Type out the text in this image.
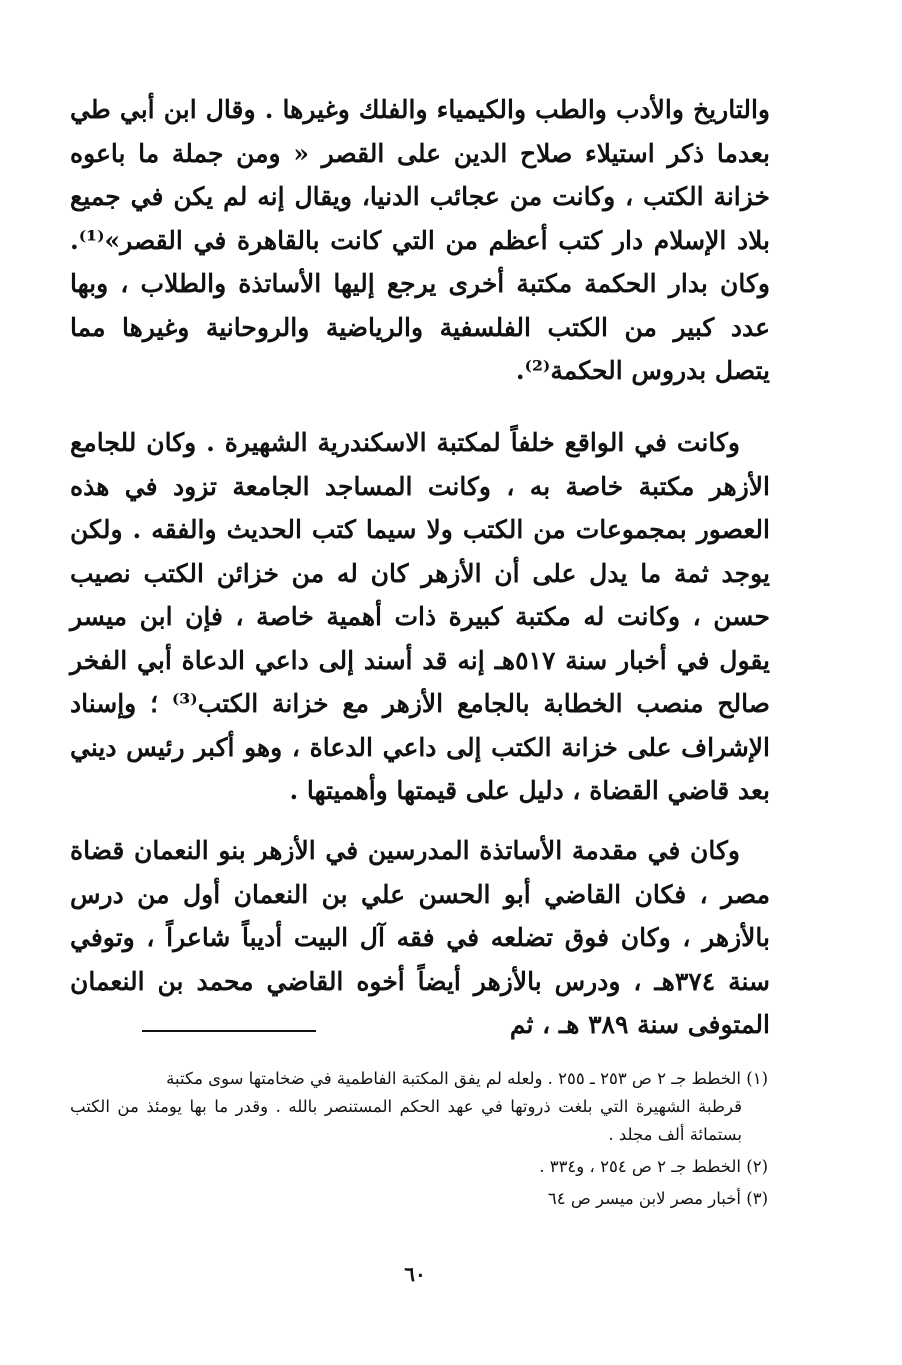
والتاريخ والأدب والطب والكيمياء والفلك وغيرها . وقال ابن أبي طي بعدما ذكر استيلاء صلاح الدين على القصر « ومن جملة ما باعوه خزانة الكتب ، وكانت من عجائب الدنيا، ويقال إنه لم يكن في جميع بلاد الإسلام دار كتب أعظم من التي كانت بالقاهرة في القصر»⁽¹⁾. وكان بدار الحكمة مكتبة أخرى يرجع إليها الأساتذة والطلاب ، وبها عدد كبير من الكتب الفلسفية والرياضية والروحانية وغيرها مما يتصل بدروس الحكمة⁽²⁾.

وكانت في الواقع خلفاً لمكتبة الاسكندرية الشهيرة . وكان للجامع الأزهر مكتبة خاصة به ، وكانت المساجد الجامعة تزود في هذه العصور بمجموعات من الكتب ولا سيما كتب الحديث والفقه . ولكن يوجد ثمة ما يدل على أن الأزهر كان له من خزائن الكتب نصيب حسن ، وكانت له مكتبة كبيرة ذات أهمية خاصة ، فإن ابن ميسر يقول في أخبار سنة ٥١٧هـ إنه قد أسند إلى داعي الدعاة أبي الفخر صالح منصب الخطابة بالجامع الأزهر مع خزانة الكتب⁽³⁾ ؛ وإسناد الإشراف على خزانة الكتب إلى داعي الدعاة ، وهو أكبر رئيس ديني بعد قاضي القضاة ، دليل على قيمتها وأهميتها .

وكان في مقدمة الأساتذة المدرسين في الأزهر بنو النعمان قضاة مصر ، فكان القاضي أبو الحسن علي بن النعمان أول من درس بالأزهر ، وكان فوق تضلعه في فقه آل البيت أديباً شاعراً ، وتوفي سنة ٣٧٤هـ ، ودرس بالأزهر أيضاً أخوه القاضي محمد بن النعمان المتوفى سنة ٣٨٩ هـ ، ثم

(١) الخطط جـ ٢ ص ٢٥٣ ـ ٢٥٥ . ولعله لم يفق المكتبة الفاطمية في ضخامتها سوى مكتبة
قرطبة الشهيرة التي بلغت ذروتها في عهد الحكم المستنصر بالله . وقدر ما بها يومئذ من الكتب بستمائة ألف مجلد .
(٢) الخطط جـ ٢ ص ٢٥٤ ، و٣٣٤ .
(٣) أخبار مصر لابن ميسر ص ٦٤
٦٠
